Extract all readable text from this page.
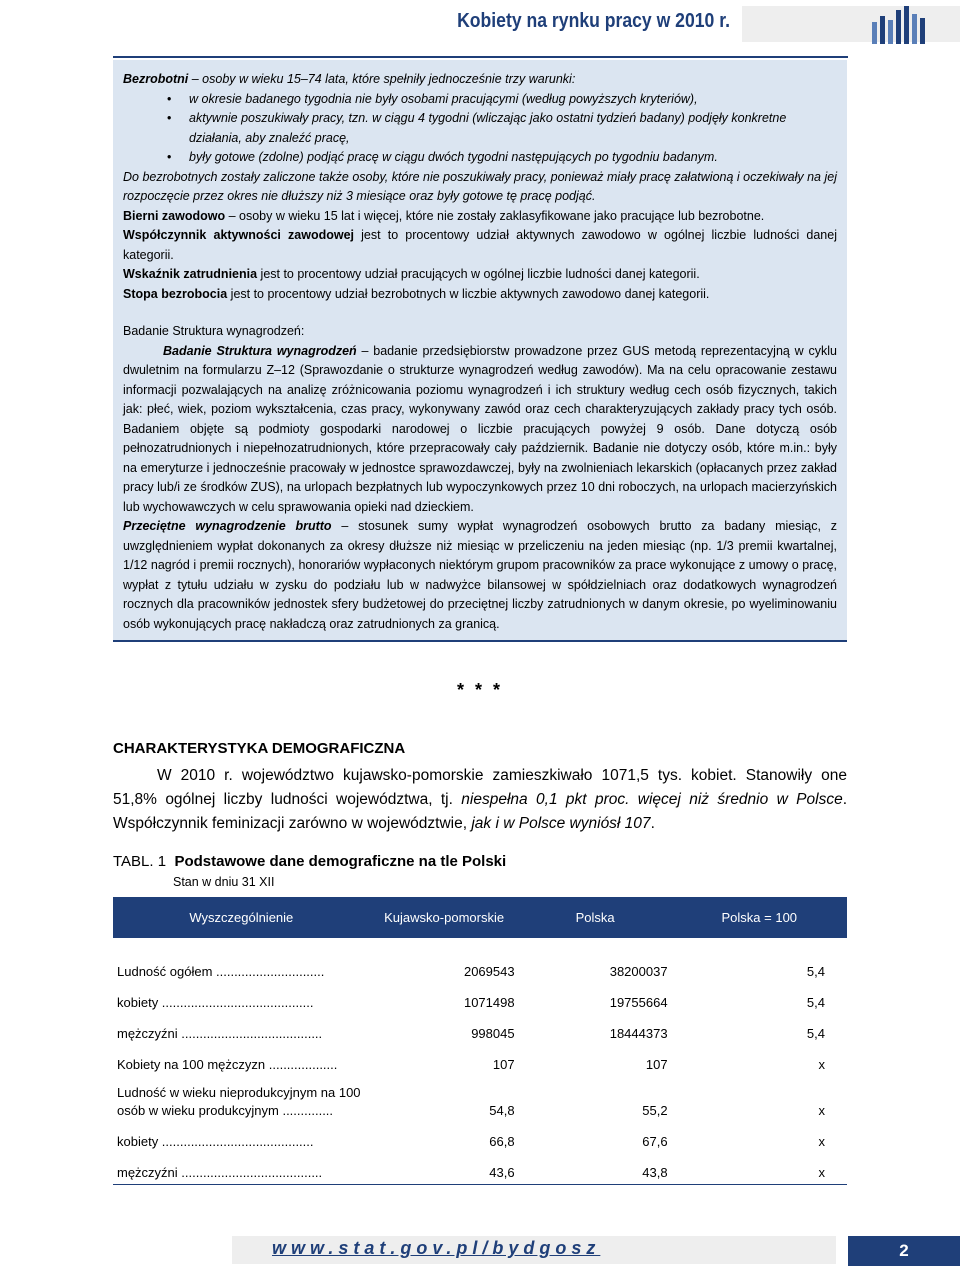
Kobiety na rynku pracy w 2010 r.

Bezrobotni – osoby w wieku 15–74 lata, które spełniły jednocześnie trzy warunki:

•	w okresie badanego tygodnia nie były osobami pracującymi (według powyższych kryteriów),
•	aktywnie poszukiwały pracy, tzn. w ciągu 4 tygodni (wliczając jako ostatni tydzień badany) podjęły konkretne
działania, aby znaleźć pracę,
•	były gotowe (zdolne) podjąć pracę w ciągu dwóch tygodni następujących po tygodniu badanym.

Do bezrobotnych zostały zaliczone także osoby, które nie poszukiwały pracy, ponieważ miały pracę załatwioną i oczekiwały na jej rozpoczęcie przez okres nie dłuższy niż 3 miesiące oraz były gotowe tę pracę podjąć.

Bierni zawodowo – osoby w wieku 15 lat i więcej, które nie zostały zaklasyfikowane jako pracujące lub bezrobotne.

Współczynnik aktywności zawodowej jest to procentowy udział aktywnych zawodowo w ogólnej liczbie ludności danej kategorii.

Wskaźnik zatrudnienia jest to procentowy udział pracujących w ogólnej liczbie ludności danej kategorii.

Stopa bezrobocia jest to procentowy udział bezrobotnych w liczbie aktywnych zawodowo danej kategorii.

Badanie Struktura wynagrodzeń:

Badanie Struktura wynagrodzeń – badanie przedsiębiorstw prowadzone przez GUS metodą reprezentacyjną w cyklu dwuletnim na formularzu Z–12 (Sprawozdanie o strukturze wynagrodzeń według zawodów). Ma na celu opracowanie zestawu informacji pozwalających na analizę zróżnicowania poziomu wynagrodzeń i ich struktury według cech osób fizycznych, takich jak: płeć, wiek, poziom wykształcenia, czas pracy, wykonywany zawód oraz cech charakteryzujących zakłady pracy tych osób. Badaniem objęte są podmioty gospodarki narodowej o liczbie pracujących powyżej 9 osób. Dane dotyczą osób pełnozatrudnionych i niepełnozatrudnionych, które przepracowały cały październik. Badanie nie dotyczy osób, które m.in.: były na emeryturze i jednocześnie pracowały w jednostce sprawozdawczej, były na zwolnieniach lekarskich (opłacanych przez zakład pracy lub/i ze środków ZUS), na urlopach bezpłatnych lub wypoczynkowych przez 10 dni roboczych, na urlopach macierzyńskich lub wychowawczych w celu sprawowania opieki nad dzieckiem.

Przeciętne wynagrodzenie brutto – stosunek sumy wypłat wynagrodzeń osobowych brutto za badany miesiąc, z uwzględnieniem wypłat dokonanych za okresy dłuższe niż miesiąc w przeliczeniu na jeden miesiąc (np. 1/3 premii kwartalnej, 1/12 nagród i premii rocznych), honorariów wypłaconych niektórym grupom pracowników za prace wykonujące z umowy o pracę, wypłat z tytułu udziału w zysku do podziału lub w nadwyżce bilansowej w spółdzielniach oraz dodatkowych wynagrodzeń rocznych dla pracowników jednostek sfery budżetowej do przeciętnej liczby zatrudnionych w danym okresie, po wyeliminowaniu osób wykonujących pracę nakładczą oraz zatrudnionych za granicą.

* * *
CHARAKTERYSTYKA DEMOGRAFICZNA
W 2010 r. województwo kujawsko-pomorskie zamieszkiwało 1071,5 tys. kobiet. Stanowiły one 51,8% ogólnej liczby ludności województwa, tj. niespełna 0,1 pkt proc. więcej niż średnio w Polsce. Współczynnik feminizacji zarówno w województwie, jak i w Polsce wyniósł 107.
TABL. 1 Podstawowe dane demograficzne na tle Polski
Stan w dniu 31 XII
Wyszczególnienie	Kujawsko-pomorskie	Polska	Polska = 100

Ludność ogółem ..............................	2069543	38200037	5,4
kobiety ..........................................	1071498	19755664	5,4
mężczyźni .......................................	998045	18444373	5,4
Kobiety na 100 mężczyzn ...................	107	107	x
Ludność w wieku nieprodukcyjnym na 100			
osób w wieku produkcyjnym ..............	54,8	55,2	x
kobiety ..........................................	66,8	67,6	x
mężczyźni .......................................	43,6	43,8	x
www.stat.gov.pl/bydgosz	2
